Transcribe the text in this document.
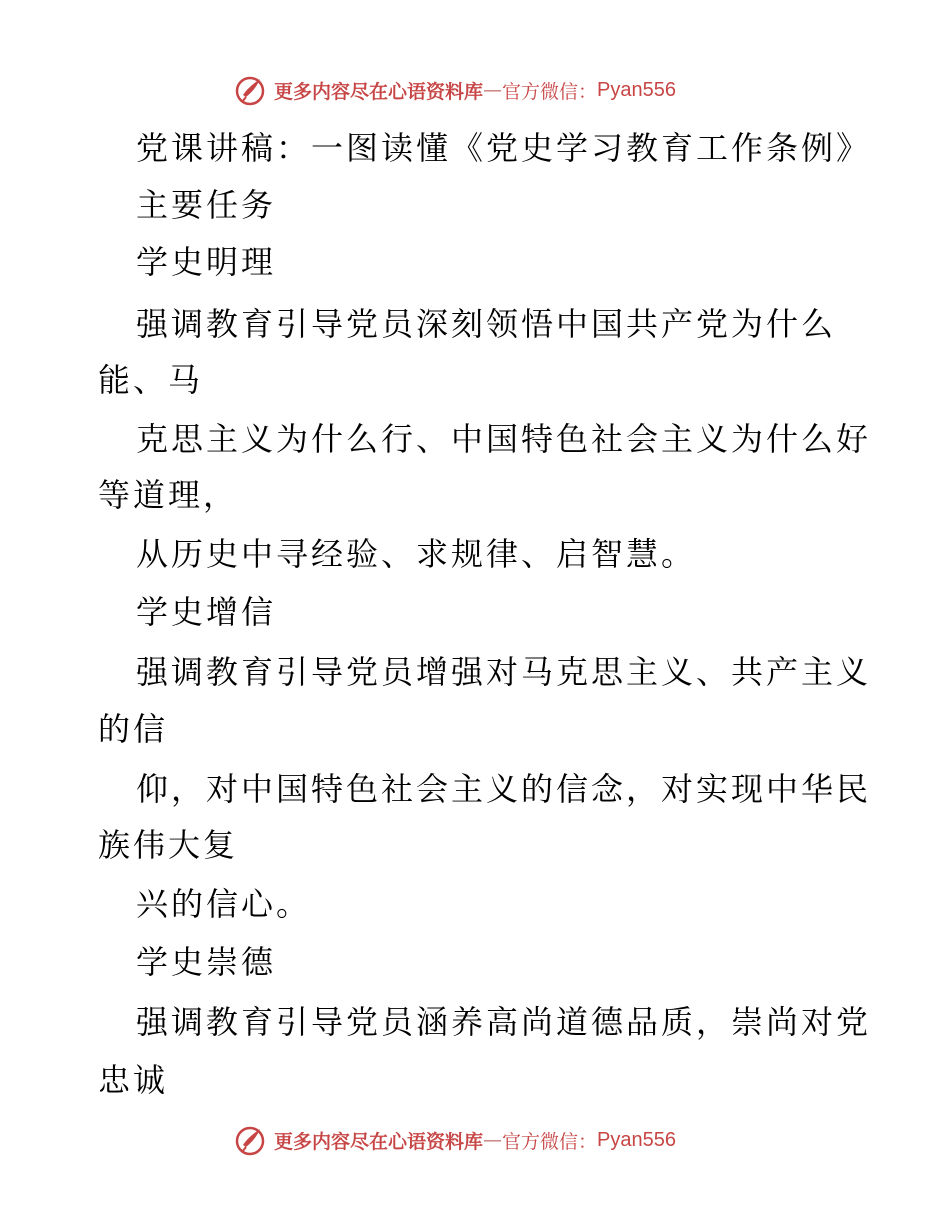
更多内容尽在心语资料库 — 官方微信： Pyan556
党课讲稿：一图读懂《党史学习教育工作条例》
主要任务
学史明理
强调教育引导党员深刻领悟中国共产党为什么
能、马
克思主义为什么行、中国特色社会主义为什么好
等道理，
从历史中寻经验、求规律、启智慧。
学史增信
强调教育引导党员增强对马克思主义、共产主义
的信
仰，对中国特色社会主义的信念，对实现中华民
族伟大复
兴的信心。
学史崇德
强调教育引导党员涵养高尚道德品质，崇尚对党
忠诚
更多内容尽在心语资料库 — 官方微信： Pyan556
